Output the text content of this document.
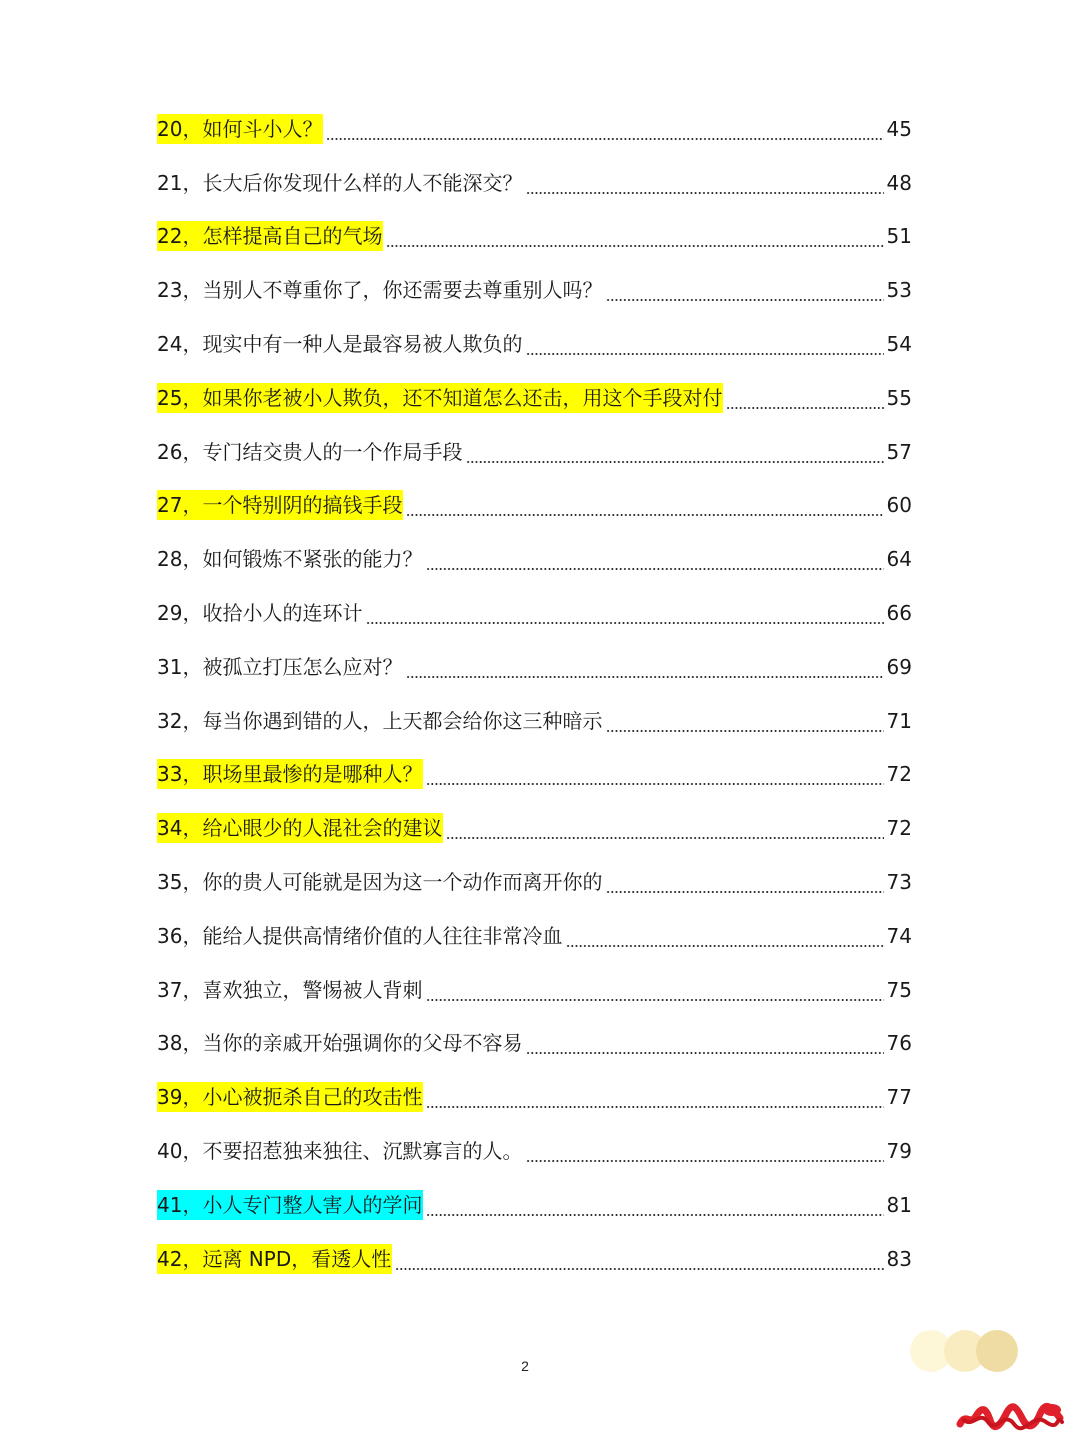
20，如何斗小人？	45
21，长大后你发现什么样的人不能深交？	48
22，怎样提高自己的气场	51
23，当别人不尊重你了，你还需要去尊重别人吗？	53
24，现实中有一种人是最容易被人欺负的	54
25，如果你老被小人欺负，还不知道怎么还击，用这个手段对付	55
26，专门结交贵人的一个作局手段	57
27，一个特别阴的搞钱手段	60
28，如何锻炼不紧张的能力？	64
29，收拾小人的连环计	66
31，被孤立打压怎么应对？	69
32，每当你遇到错的人，上天都会给你这三种暗示	71
33，职场里最惨的是哪种人？	72
34，给心眼少的人混社会的建议	72
35，你的贵人可能就是因为这一个动作而离开你的	73
36，能给人提供高情绪价值的人往往非常冷血	74
37，喜欢独立，警惕被人背刺	75
38，当你的亲戚开始强调你的父母不容易	76
39，小心被扼杀自己的攻击性	77
40，不要招惹独来独往、沉默寡言的人。	79
41，小人专门整人害人的学问	81
42，远离 NPD，看透人性	83
2
